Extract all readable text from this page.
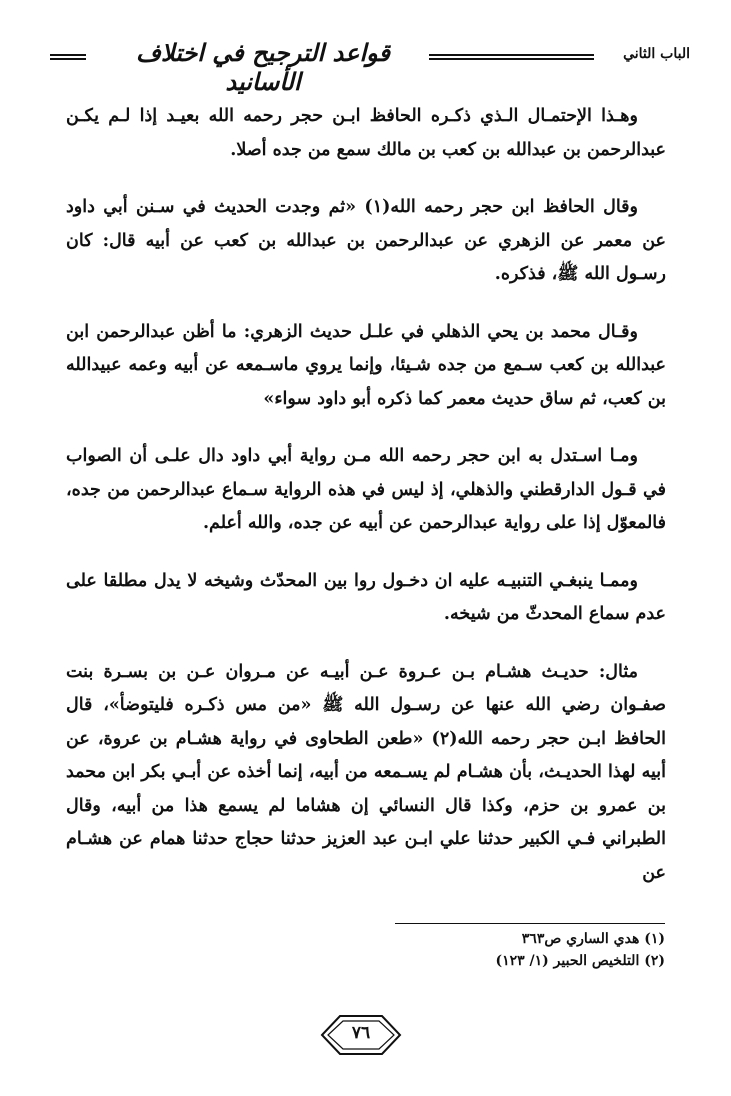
الباب الثاني
قواعد الترجيح في اختلاف الأسانيد

وهـذا الإحتمـال الـذي ذكـره الحافظ ابـن حجر رحمه الله بعيـد إذا لـم يكـن عبدالرحمن بن عبدالله بن كعب بن مالك سمع من جده أصلا.

وقال الحافظ ابن حجر رحمه الله(١) «ثم وجدت الحديث في سـنن أبي داود عن معمر عن الزهري عن عبدالرحمن بن عبدالله بن كعب عن أبيه قال: كان رسـول الله ﷺ، فذكره.

وقـال محمد بن يحي الذهلي في علـل حديث الزهري: ما أظن عبدالرحمن ابن عبدالله بن كعب سـمع من جده شـيئا، وإنما يروي ماسـمعه عن أبيه وعمه عبيدالله بن كعب، ثم ساق حديث معمر كما ذكره أبو داود سواء»

ومـا اسـتدل به ابن حجر رحمه الله مـن رواية أبي داود دال علـى أن الصواب في قـول الدارقطني والذهلي، إذ ليس في هذه الرواية سـماع عبدالرحمن من جده، فالمعوّل إذا على رواية عبدالرحمن عن أبيه عن جده، والله أعلم.

وممـا ينبغـي التنبيـه عليه ان دخـول روا بين المحدّث وشيخه لا يدل مطلقا على عدم سماع المحدثّ من شيخه.

مثال: حديـث هشـام بـن عـروة عـن أبيـه عن مـروان عـن بن بسـرة بنت صفـوان رضي الله عنها عن رسـول الله ﷺ «من مس ذكـره فليتوضأ»، قال الحافظ ابـن حجر رحمه الله(٢) «طعن الطحاوى في رواية هشـام بن عروة، عن أبيه لهذا الحديـث، بأن هشـام لم يسـمعه من أبيه، إنما أخذه عن أبـي بكر ابن محمد بن عمرو بن حزم، وكذا قال النسائي إن هشاما لم يسمع هذا من أبيه، وقال الطبراني فـي الكبير حدثنا علي ابـن عبد العزيز حدثنا حجاج حدثنا همام عن هشـام عن

(١) هدي الساري ص٣٦٣
(٢) التلخيص الحبير (١/ ١٢٣)
٧٦
